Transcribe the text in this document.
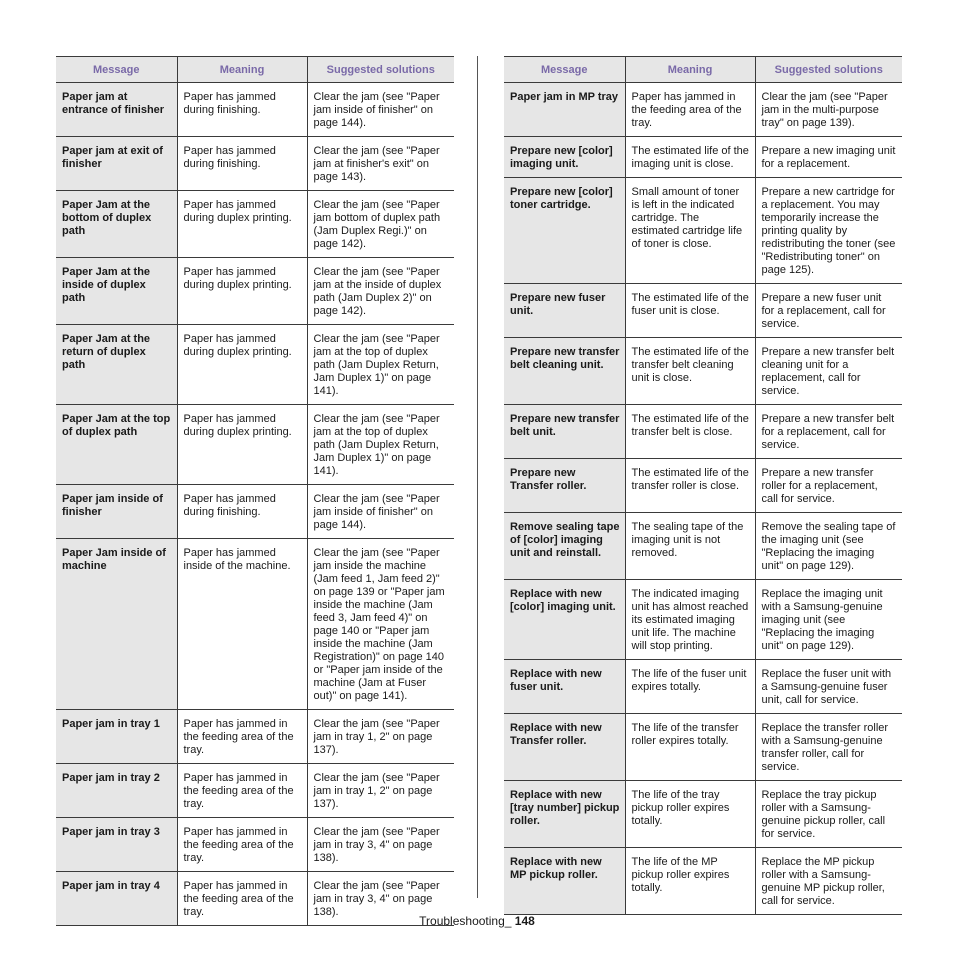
Message	Meaning	Suggested solutions
Paper jam at entrance of finisher	Paper has jammed during finishing.	Clear the jam (see "Paper jam inside of finisher" on page 144).
Paper jam at exit of finisher	Paper has jammed during finishing.	Clear the jam (see "Paper jam at finisher's exit" on page 143).
Paper Jam at the bottom of duplex path	Paper has jammed during duplex printing.	Clear the jam (see "Paper jam bottom of duplex path (Jam Duplex Regi.)" on page 142).
Paper Jam at the inside of duplex path	Paper has jammed during duplex printing.	Clear the jam (see "Paper jam at the inside of duplex path (Jam Duplex 2)" on page 142).
Paper Jam at the return of duplex path	Paper has jammed during duplex printing.	Clear the jam (see "Paper jam at the top of duplex path (Jam Duplex Return, Jam Duplex 1)" on page 141).
Paper Jam at the top of duplex path	Paper has jammed during duplex printing.	Clear the jam (see "Paper jam at the top of duplex path (Jam Duplex Return, Jam Duplex 1)" on page 141).
Paper jam inside of finisher	Paper has jammed during finishing.	Clear the jam (see "Paper jam inside of finisher" on page 144).
Paper Jam inside of machine	Paper has jammed inside of the machine.	Clear the jam (see "Paper jam inside the machine (Jam feed 1, Jam feed 2)" on page 139 or "Paper jam inside the machine (Jam feed 3, Jam feed 4)" on page 140 or "Paper jam inside the machine (Jam Registration)" on page 140 or "Paper jam inside of the machine (Jam at Fuser out)" on page 141).
Paper jam in tray 1	Paper has jammed in the feeding area of the tray.	Clear the jam (see "Paper jam in tray 1, 2" on page 137).
Paper jam in tray 2	Paper has jammed in the feeding area of the tray.	Clear the jam (see "Paper jam in tray 1, 2" on page 137).
Paper jam in tray 3	Paper has jammed in the feeding area of the tray.	Clear the jam (see "Paper jam in tray 3, 4" on page 138).
Paper jam in tray 4	Paper has jammed in the feeding area of the tray.	Clear the jam (see "Paper jam in tray 3, 4" on page 138).
Message	Meaning	Suggested solutions
Paper jam in MP tray	Paper has jammed in the feeding area of the tray.	Clear the jam (see "Paper jam in the multi-purpose tray" on page 139).
Prepare new [color] imaging unit.	The estimated life of the imaging unit is close.	Prepare a new imaging unit for a replacement.
Prepare new [color] toner cartridge.	Small amount of toner is left in the indicated cartridge. The estimated cartridge life of toner is close.	Prepare a new cartridge for a replacement. You may temporarily increase the printing quality by redistributing the toner (see "Redistributing toner" on page 125).
Prepare new fuser unit.	The estimated life of the fuser unit is close.	Prepare a new fuser unit for a replacement, call for service.
Prepare new transfer belt cleaning unit.	The estimated life of the transfer belt cleaning unit is close.	Prepare a new transfer belt cleaning unit for a replacement, call for service.
Prepare new transfer belt unit.	The estimated life of the transfer belt is close.	Prepare a new transfer belt for a replacement, call for service.
Prepare new Transfer roller.	The estimated life of the transfer roller is close.	Prepare a new transfer roller for a replacement, call for service.
Remove sealing tape of [color] imaging unit and reinstall.	The sealing tape of the imaging unit is not removed.	Remove the sealing tape of the imaging unit (see "Replacing the imaging unit" on page 129).
Replace with new [color] imaging unit.	The indicated imaging unit has almost reached its estimated imaging unit life. The machine will stop printing.	Replace the imaging unit with a Samsung-genuine imaging unit (see "Replacing the imaging unit" on page 129).
Replace with new fuser unit.	The life of the fuser unit expires totally.	Replace the fuser unit with a Samsung-genuine fuser unit, call for service.
Replace with new Transfer roller.	The life of the transfer roller expires totally.	Replace the transfer roller with a Samsung-genuine transfer roller, call for service.
Replace with new [tray number] pickup roller.	The life of the tray pickup roller expires totally.	Replace the tray pickup roller with a Samsung-genuine pickup roller, call for service.
Replace with new MP pickup roller.	The life of the MP pickup roller expires totally.	Replace the MP pickup roller with a Samsung-genuine MP pickup roller, call for service.
Troubleshooting_ 148
